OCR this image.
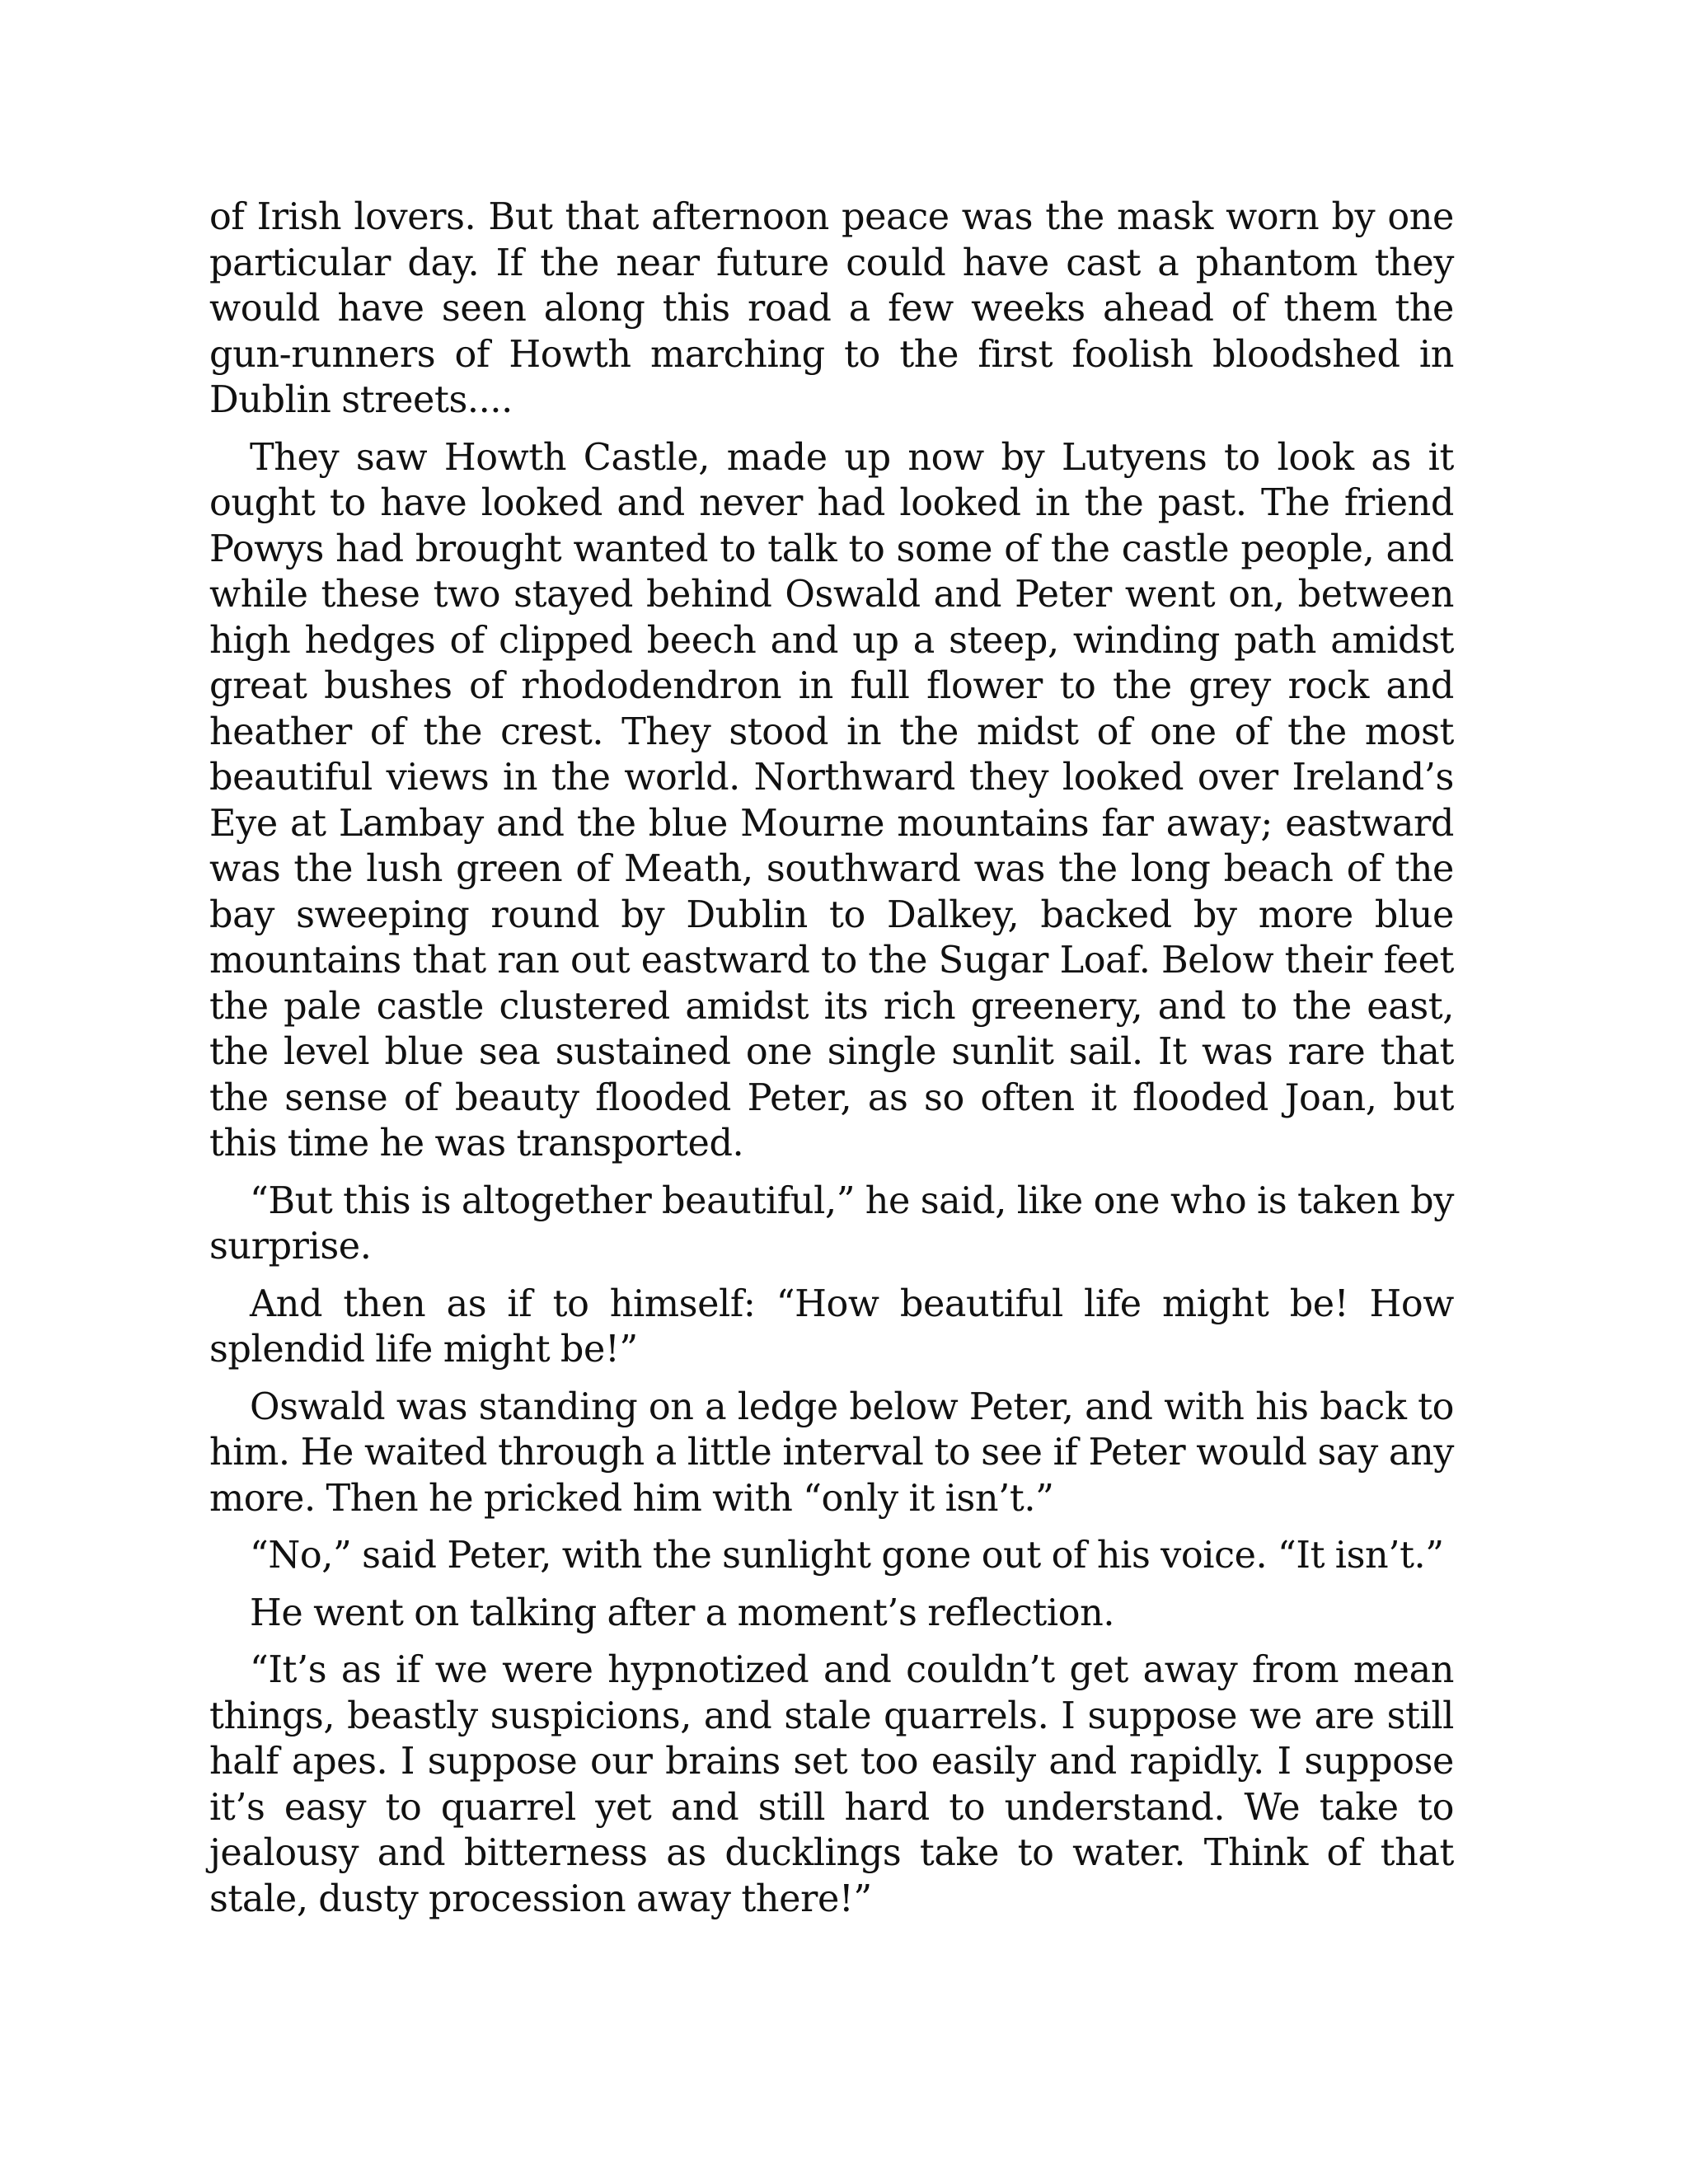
of Irish lovers. But that afternoon peace was the mask worn by one particular day. If the near future could have cast a phantom they would have seen along this road a few weeks ahead of them the gun-runners of Howth marching to the first foolish bloodshed in Dublin streets....

They saw Howth Castle, made up now by Lutyens to look as it ought to have looked and never had looked in the past. The friend Powys had brought wanted to talk to some of the castle people, and while these two stayed behind Oswald and Peter went on, between high hedges of clipped beech and up a steep, winding path amidst great bushes of rhododendron in full flower to the grey rock and heather of the crest. They stood in the midst of one of the most beautiful views in the world. Northward they looked over Ireland’s Eye at Lambay and the blue Mourne mountains far away; eastward was the lush green of Meath, southward was the long beach of the bay sweeping round by Dublin to Dalkey, backed by more blue mountains that ran out eastward to the Sugar Loaf. Below their feet the pale castle clustered amidst its rich greenery, and to the east, the level blue sea sustained one single sunlit sail. It was rare that the sense of beauty flooded Peter, as so often it flooded Joan, but this time he was transported.

“But this is altogether beautiful,” he said, like one who is taken by surprise.

And then as if to himself: “How beautiful life might be! How splendid life might be!”

Oswald was standing on a ledge below Peter, and with his back to him. He waited through a little interval to see if Peter would say any more. Then he pricked him with “only it isn’t.”

“No,” said Peter, with the sunlight gone out of his voice. “It isn’t.”

He went on talking after a moment’s reflection.

“It’s as if we were hypnotized and couldn’t get away from mean things, beastly suspicions, and stale quarrels. I suppose we are still half apes. I suppose our brains set too easily and rapidly. I suppose it’s easy to quarrel yet and still hard to understand. We take to jealousy and bitterness as ducklings take to water. Think of that stale, dusty procession away there!”
